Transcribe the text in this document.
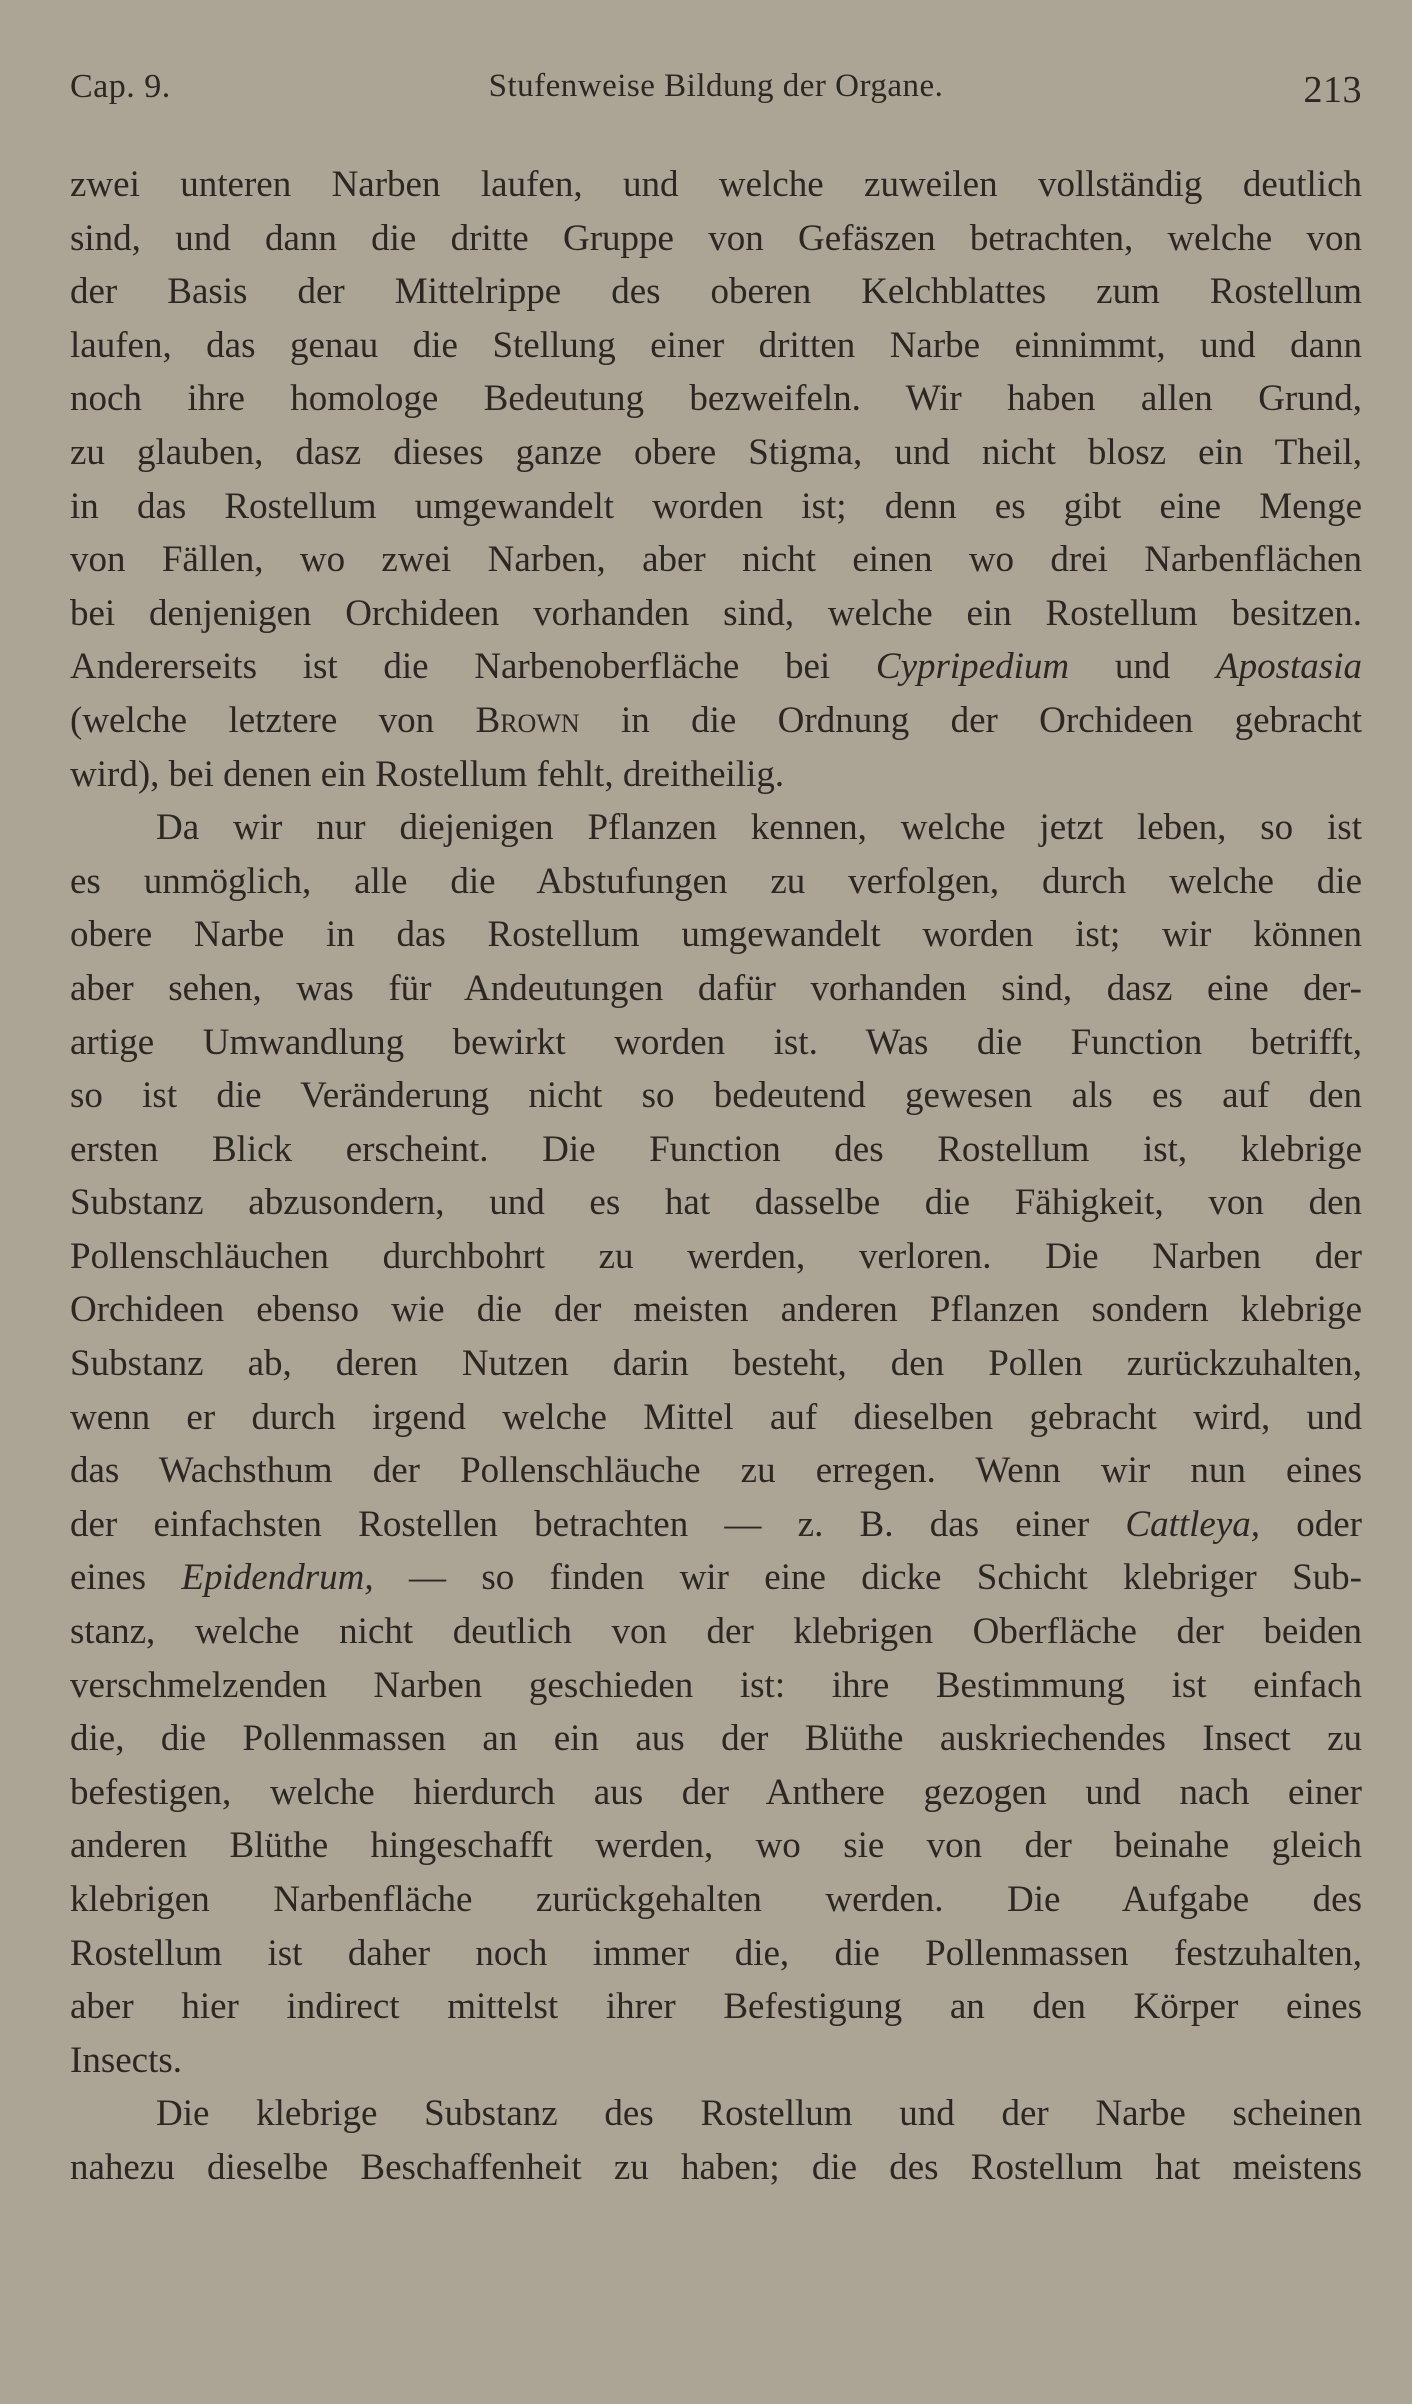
Cap. 9.	Stufenweise Bildung der Organe.	213
zwei unteren Narben laufen, und welche zuweilen vollständig deutlich
sind, und dann die dritte Gruppe von Gefäszen betrachten, welche von
der Basis der Mittelrippe des oberen Kelchblattes zum Rostellum
laufen, das genau die Stellung einer dritten Narbe einnimmt, und dann
noch ihre homologe Bedeutung bezweifeln. Wir haben allen Grund,
zu glauben, dasz dieses ganze obere Stigma, und nicht blosz ein Theil,
in das Rostellum umgewandelt worden ist; denn es gibt eine Menge
von Fällen, wo zwei Narben, aber nicht einen wo drei Narbenflächen
bei denjenigen Orchideen vorhanden sind, welche ein Rostellum besitzen.
Andererseits ist die Narbenoberfläche bei Cypripedium und Apostasia
(welche letztere von Brown in die Ordnung der Orchideen gebracht
wird), bei denen ein Rostellum fehlt, dreitheilig.
Da wir nur diejenigen Pflanzen kennen, welche jetzt leben, so ist
es unmöglich, alle die Abstufungen zu verfolgen, durch welche die
obere Narbe in das Rostellum umgewandelt worden ist; wir können
aber sehen, was für Andeutungen dafür vorhanden sind, dasz eine der-
artige Umwandlung bewirkt worden ist. Was die Function betrifft,
so ist die Veränderung nicht so bedeutend gewesen als es auf den
ersten Blick erscheint. Die Function des Rostellum ist, klebrige
Substanz abzusondern, und es hat dasselbe die Fähigkeit, von den
Pollenschläuchen durchbohrt zu werden, verloren. Die Narben der
Orchideen ebenso wie die der meisten anderen Pflanzen sondern klebrige
Substanz ab, deren Nutzen darin besteht, den Pollen zurückzuhalten,
wenn er durch irgend welche Mittel auf dieselben gebracht wird, und
das Wachsthum der Pollenschläuche zu erregen. Wenn wir nun eines
der einfachsten Rostellen betrachten — z. B. das einer Cattleya, oder
eines Epidendrum, — so finden wir eine dicke Schicht klebriger Sub-
stanz, welche nicht deutlich von der klebrigen Oberfläche der beiden
verschmelzenden Narben geschieden ist: ihre Bestimmung ist einfach
die, die Pollenmassen an ein aus der Blüthe auskriechendes Insect zu
befestigen, welche hierdurch aus der Anthere gezogen und nach einer
anderen Blüthe hingeschafft werden, wo sie von der beinahe gleich
klebrigen Narbenfläche zurückgehalten werden. Die Aufgabe des
Rostellum ist daher noch immer die, die Pollenmassen festzuhalten,
aber hier indirect mittelst ihrer Befestigung an den Körper eines
Insects.
Die klebrige Substanz des Rostellum und der Narbe scheinen
nahezu dieselbe Beschaffenheit zu haben; die des Rostellum hat meistens
